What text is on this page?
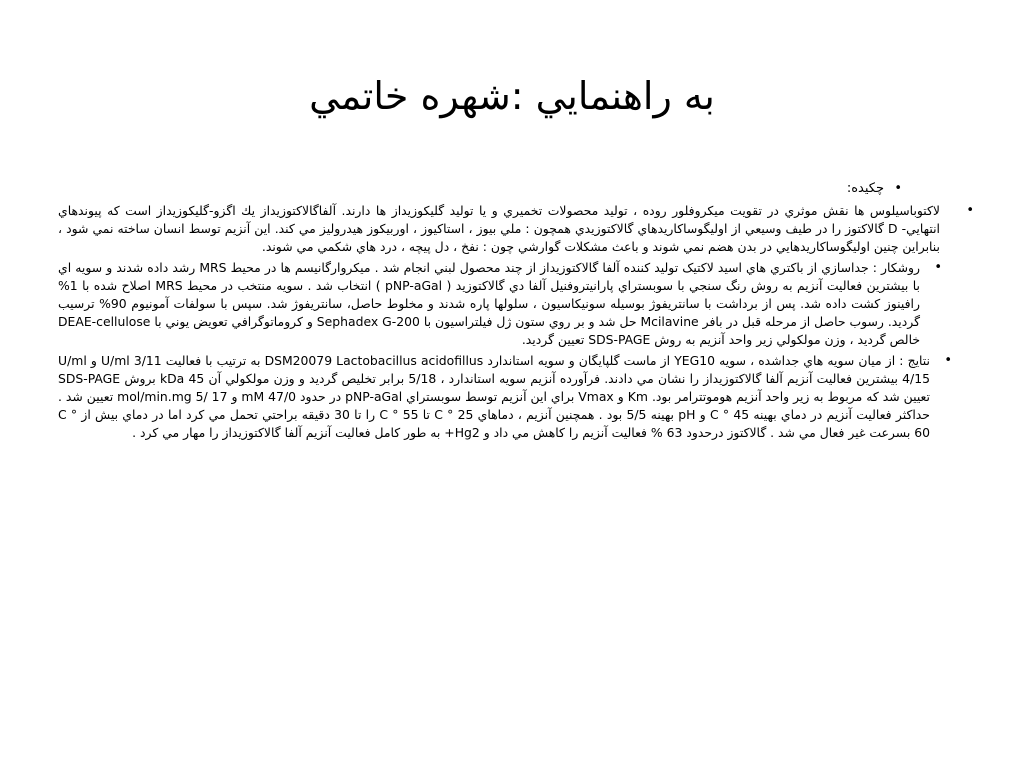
به راهنمايي :شهره خاتمي
•
چكيده:

•
لاكتوباسيلوس ها نقش موثري در تقويت ميكروفلور روده ، توليد محصولات تخميري و يا توليد گليكوزيداز ها دارند. آلفاگالاكتوزيداز يك اگزو-گليكوزيداز است كه پيوندهاي انتهايي- D گالاكتوز را در طيف وسيعي از اوليگوساكاريدهاي گالاكتوزيدي همچون : ملي بيوز ، استاكيوز ، اوربيكوز هيدروليز مي كند. اين آنزيم توسط انسان ساخته نمي شود ، بنابراين چنين اوليگوساكاريدهايي در بدن هضم نمي شوند و باعث مشكلات گوارشي چون : نفخ ، دل پيچه ، درد هاي شكمي مي شوند.

•
روشكار : جداسازي از باكتري هاي اسيد لاكتيک توليد كننده آلفا گالاكتوزيداز از چند محصول لبني انجام شد . ميكروارگانيسم ها در محيط MRS رشد داده شدند و سويه اي با بيشترين فعاليت آنزيم به روش رنگ سنجي با سوبستراي پارانيتروفنيل آلفا دي گالاكتوزيد ( pNP-aGal ) انتخاب شد . سويه منتخب در محيط MRS اصلاح شده با 1% رافينوز كشت داده شد. پس از برداشت با سانتريفوژ بوسيله سونيكاسيون ، سلولها پاره شدند و مخلوط حاصل، سانتريفوژ شد. سپس با سولفات آمونيوم 90% ترسيب گرديد. رسوب حاصل از مرحله قبل در بافر Mcilavine حل شد و بر روي ستون ژل فيلتراسيون با Sephadex G-200 و كروماتوگرافي تعويض يوني با DEAE-cellulose خالص گرديد ، وزن مولكولي زير واحد آنزيم به روش SDS-PAGE تعيين گرديد.

•
نتايج : از ميان سويه هاي جداشده ، سويه YEG10 از ماست گلپايگان و سويه استاندارد DSM20079 Lactobacillus acidofillus به ترتيب با فعاليت U/ml 3/11 و U/ml 4/15 بيشترين فعاليت آنزيم آلفا گالاكتوزيداز را نشان مي دادند. فرآورده آنزيم سويه استاندارد ، 5/18 برابر تخليص گرديد و وزن مولكولي آن kDa 45 بروش SDS-PAGE تعيين شد كه مربوط به زير واحد آنزيم هوموتترامر بود. Km و Vmax براي اين آنزيم توسط سوبستراي pNP-aGal در حدود mM 47/0 و mol/min.mg 5/ 17 تعيين شد . حداكثر فعاليت آنزيم در دماي بهينه C ° 45 و pH بهينه 5/5 بود . همچنين آنزيم ، دماهاي C ° 25 تا C ° 55 را تا 30 دقيقه براحتي تحمل مي كرد اما در دماي بيش از C ° 60 بسرعت غير فعال مي شد . گالاكتوز درحدود 63 % فعاليت آنزيم را كاهش مي داد و Hg2+ به طور كامل فعاليت آنزيم آلفا گالاكتوزيداز را مهار مي كرد .
